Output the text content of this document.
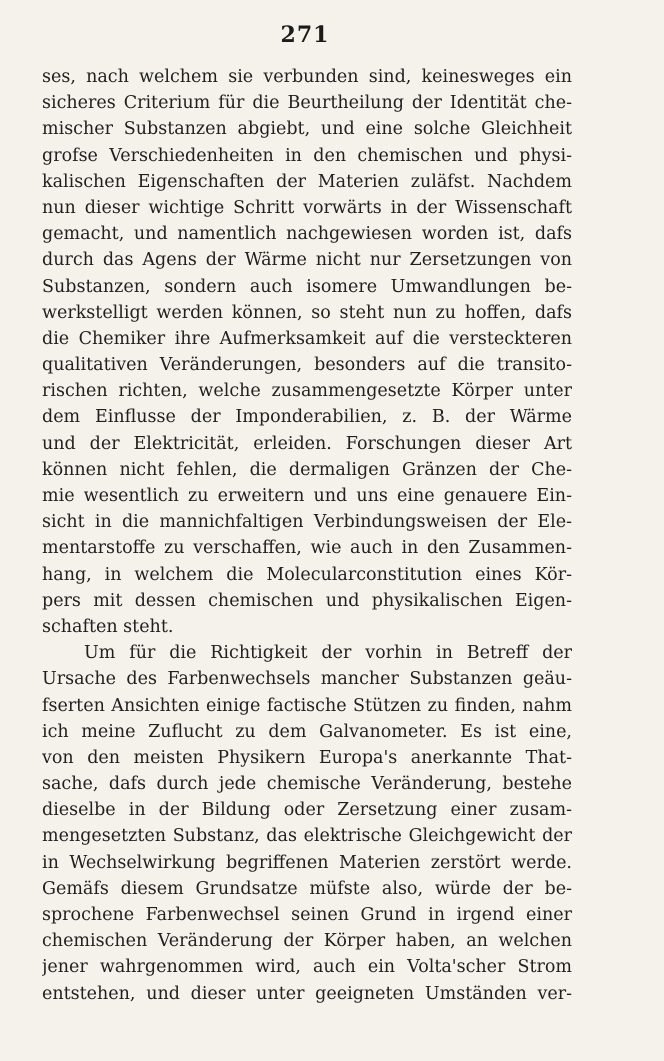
271
ses, nach welchem sie verbunden sind, keinesweges ein
sicheres Criterium für die Beurtheilung der Identität che-
mischer Substanzen abgiebt, und eine solche Gleichheit
grofse Verschiedenheiten in den chemischen und physi-
kalischen Eigenschaften der Materien zuläfst. Nachdem
nun dieser wichtige Schritt vorwärts in der Wissenschaft
gemacht, und namentlich nachgewiesen worden ist, dafs
durch das Agens der Wärme nicht nur Zersetzungen von
Substanzen, sondern auch isomere Umwandlungen be-
werkstelligt werden können, so steht nun zu hoffen, dafs
die Chemiker ihre Aufmerksamkeit auf die versteckteren
qualitativen Veränderungen, besonders auf die transito-
rischen richten, welche zusammengesetzte Körper unter
dem Einflusse der Imponderabilien, z. B. der Wärme
und der Elektricität, erleiden. Forschungen dieser Art
können nicht fehlen, die dermaligen Gränzen der Che-
mie wesentlich zu erweitern und uns eine genauere Ein-
sicht in die mannichfaltigen Verbindungsweisen der Ele-
mentarstoffe zu verschaffen, wie auch in den Zusammen-
hang, in welchem die Molecularconstitution eines Kör-
pers mit dessen chemischen und physikalischen Eigen-
schaften steht.
Um für die Richtigkeit der vorhin in Betreff der
Ursache des Farbenwechsels mancher Substanzen geäu-
fserten Ansichten einige factische Stützen zu finden, nahm
ich meine Zuflucht zu dem Galvanometer. Es ist eine,
von den meisten Physikern Europa's anerkannte That-
sache, dafs durch jede chemische Veränderung, bestehe
dieselbe in der Bildung oder Zersetzung einer zusam-
mengesetzten Substanz, das elektrische Gleichgewicht der
in Wechselwirkung begriffenen Materien zerstört werde.
Gemäfs diesem Grundsatze müfste also, würde der be-
sprochene Farbenwechsel seinen Grund in irgend einer
chemischen Veränderung der Körper haben, an welchen
jener wahrgenommen wird, auch ein Volta'scher Strom
entstehen, und dieser unter geeigneten Umständen ver-
